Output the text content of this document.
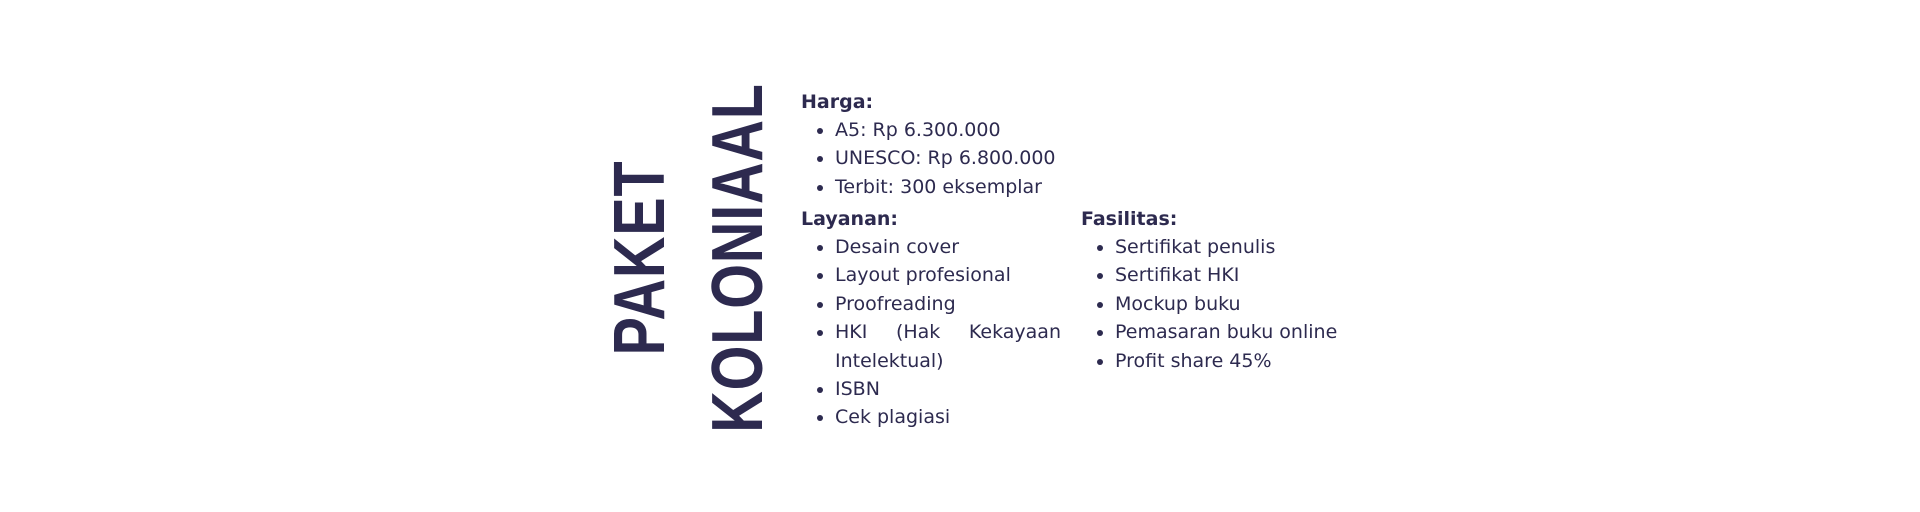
PAKET KOLONIAAL Harga:
A5: Rp 6.300.000
UNESCO: Rp 6.800.000
Terbit: 300 eksemplar
Layanan:
Desain cover
Layout profesional
Proofreading
HKI (Hak Kekayaan Intelektual)
ISBN
Cek plagiasi
Fasilitas:
Sertifikat penulis
Sertifikat HKI
Mockup buku
Pemasaran buku online
Profit share 45%
